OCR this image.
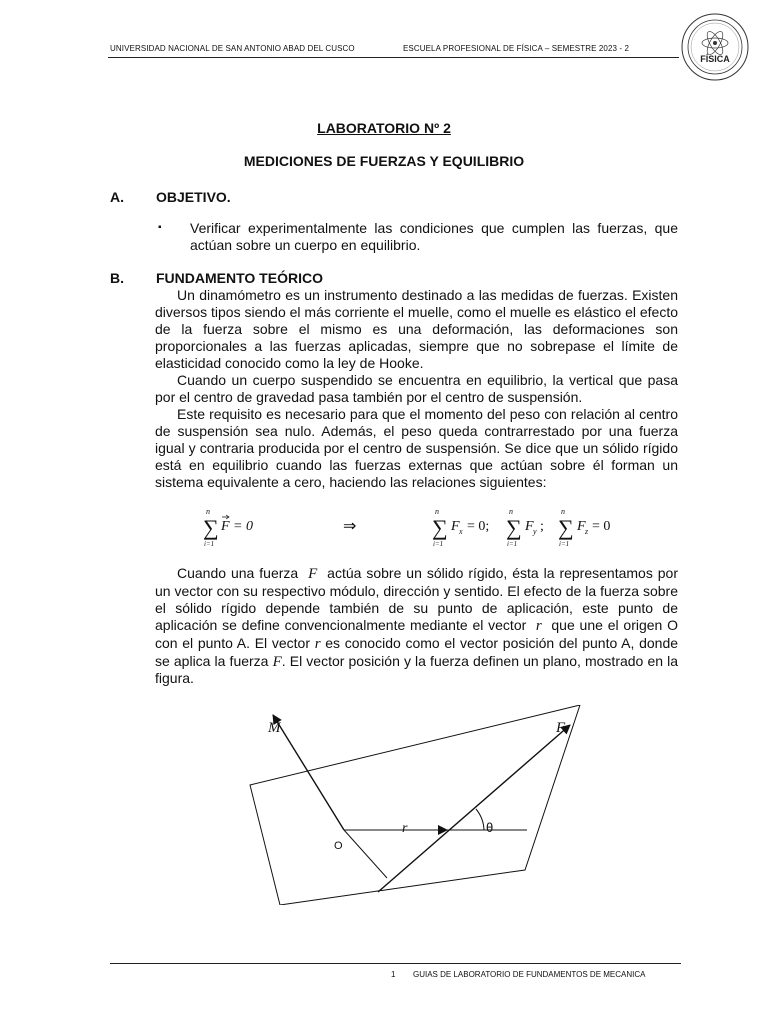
UNIVERSIDAD NACIONAL DE SAN ANTONIO ABAD DEL CUSCO	ESCUELA PROFESIONAL DE FÍSICA – SEMESTRE 2023 - 2
FÍSICA
LABORATORIO Nº 2
MEDICIONES DE FUERZAS Y EQUILIBRIO
A. OBJETIVO.
▪ Verificar experimentalmente las condiciones que cumplen las fuerzas, que actúan sobre un cuerpo en equilibrio.
B. FUNDAMENTO TEÓRICO
Un dinamómetro es un instrumento destinado a las medidas de fuerzas. Existen diversos tipos siendo el más corriente el muelle, como el muelle es elástico el efecto de la fuerza sobre el mismo es una deformación, las deformaciones son proporcionales a las fuerzas aplicadas, siempre que no sobrepase el límite de elasticidad conocido como la ley de Hooke.
Cuando un cuerpo suspendido se encuentra en equilibrio, la vertical que pasa por el centro de gravedad pasa también por el centro de suspensión.
Este requisito es necesario para que el momento del peso con relación al centro de suspensión sea nulo. Además, el peso queda contrarrestado por una fuerza igual y contraria producida por el centro de suspensión. Se dice que un sólido rígido está en equilibrio cuando las fuerzas externas que actúan sobre él forman un sistema equivalente a cero, haciendo las relaciones siguientes:
n
∑
i=1
F = 0	⇒
n
∑
i=1
F x = 0;
n
∑
i=1
F y ;
n
∑
i=1
F z = 0
Cuando una fuerza F actúa sobre un sólido rígido, ésta la representamos por un vector con su respectivo módulo, dirección y sentido. El efecto de la fuerza sobre el sólido rígido depende también de su punto de aplicación, este punto de aplicación se define convencionalmente mediante el vector r que une el origen O con el punto A. El vector r es conocido como el vector posición del punto A, donde se aplica la fuerza F. El vector posición y la fuerza definen un plano, mostrado en la figura.
M	F
r	θ
O
1 GUIAS DE LABORATORIO DE FUNDAMENTOS DE MECANICA
